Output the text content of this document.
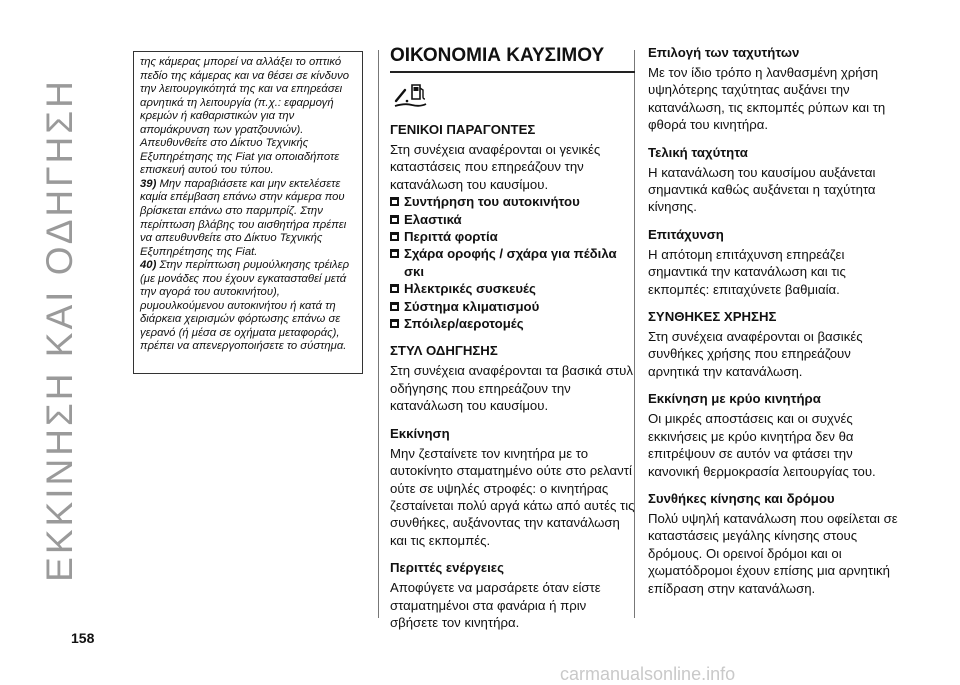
ΕΚΚΙΝΗΣΗ ΚΑΙ ΟΔΗΓΗΣΗ
158

της κάμερας μπορεί να αλλάξει το οπτικό πεδίο της κάμερας και να θέσει σε κίνδυνο την λειτουργικότητά της και να επηρεάσει αρνητικά τη λειτουργία (π.χ.: εφαρμογή κρεμών ή καθαριστικών για την απομάκρυνση των γρατζουνιών). Απευθυνθείτε στο Δίκτυο Τεχνικής Εξυπηρέτησης της Fiat για οποιαδήποτε επισκευή αυτού του τύπου.

39) Μην παραβιάσετε και μην εκτελέσετε καμία επέμβαση επάνω στην κάμερα που βρίσκεται επάνω στο παρμπρίζ. Στην περίπτωση βλάβης του αισθητήρα πρέπει να απευθυνθείτε στο Δίκτυο Τεχνικής Εξυπηρέτησης της Fiat.

40) Στην περίπτωση ρυμούλκησης τρέιλερ (με μονάδες που έχουν εγκατασταθεί μετά την αγορά του αυτοκινήτου), ρυμουλκούμενου αυτοκινήτου ή κατά τη διάρκεια χειρισμών φόρτωσης επάνω σε γερανό (ή μέσα σε οχήματα μεταφοράς), πρέπει να απενεργοποιήσετε το σύστημα.

ΟΙΚΟΝΟΜΙΑ ΚΑΥΣΙΜΟΥ
ΓΕΝΙΚΟΙ ΠΑΡΑΓΟΝΤΕΣ

Στη συνέχεια αναφέρονται οι γενικές καταστάσεις που επηρεάζουν την κατανάλωση του καυσίμου.

Συντήρηση του αυτοκινήτου
Ελαστικά
Περιττά φορτία
Σχάρα οροφής / σχάρα για πέδιλα σκι
Ηλεκτρικές συσκευές
Σύστημα κλιματισμού
Σπόιλερ/αεροτομές
ΣΤΥΛ ΟΔΗΓΗΣΗΣ

Στη συνέχεια αναφέρονται τα βασικά στυλ οδήγησης που επηρεάζουν την κατανάλωση του καυσίμου.

Εκκίνηση

Μην ζεσταίνετε τον κινητήρα με το αυτοκίνητο σταματημένο ούτε στο ρελαντί ούτε σε υψηλές στροφές: ο κινητήρας ζεσταίνεται πολύ αργά κάτω από αυτές τις συνθήκες, αυξάνοντας την κατανάλωση και τις εκπομπές.

Περιττές ενέργειες

Αποφύγετε να μαρσάρετε όταν είστε σταματημένοι στα φανάρια ή πριν σβήσετε τον κινητήρα.

Επιλογή των ταχυτήτων

Με τον ίδιο τρόπο η λανθασμένη χρήση υψηλότερης ταχύτητας αυξάνει την κατανάλωση, τις εκπομπές ρύπων και τη φθορά του κινητήρα.

Τελική ταχύτητα

Η κατανάλωση του καυσίμου αυξάνεται σημαντικά καθώς αυξάνεται η ταχύτητα κίνησης.

Επιτάχυνση

Η απότομη επιτάχυνση επηρεάζει σημαντικά την κατανάλωση και τις εκπομπές: επιταχύνετε βαθμιαία.

ΣΥΝΘΗΚΕΣ ΧΡΗΣΗΣ

Στη συνέχεια αναφέρονται οι βασικές συνθήκες χρήσης που επηρεάζουν αρνητικά την κατανάλωση.

Εκκίνηση με κρύο κινητήρα

Οι μικρές αποστάσεις και οι συχνές εκκινήσεις με κρύο κινητήρα δεν θα επιτρέψουν σε αυτόν να φτάσει την κανονική θερμοκρασία λειτουργίας του.

Συνθήκες κίνησης και δρόμου

Πολύ υψηλή κατανάλωση που οφείλεται σε καταστάσεις μεγάλης κίνησης στους δρόμους. Οι ορεινοί δρόμοι και οι χωματόδρομοι έχουν επίσης μια αρνητική επίδραση στην κατανάλωση.

carmanualsonline.info
